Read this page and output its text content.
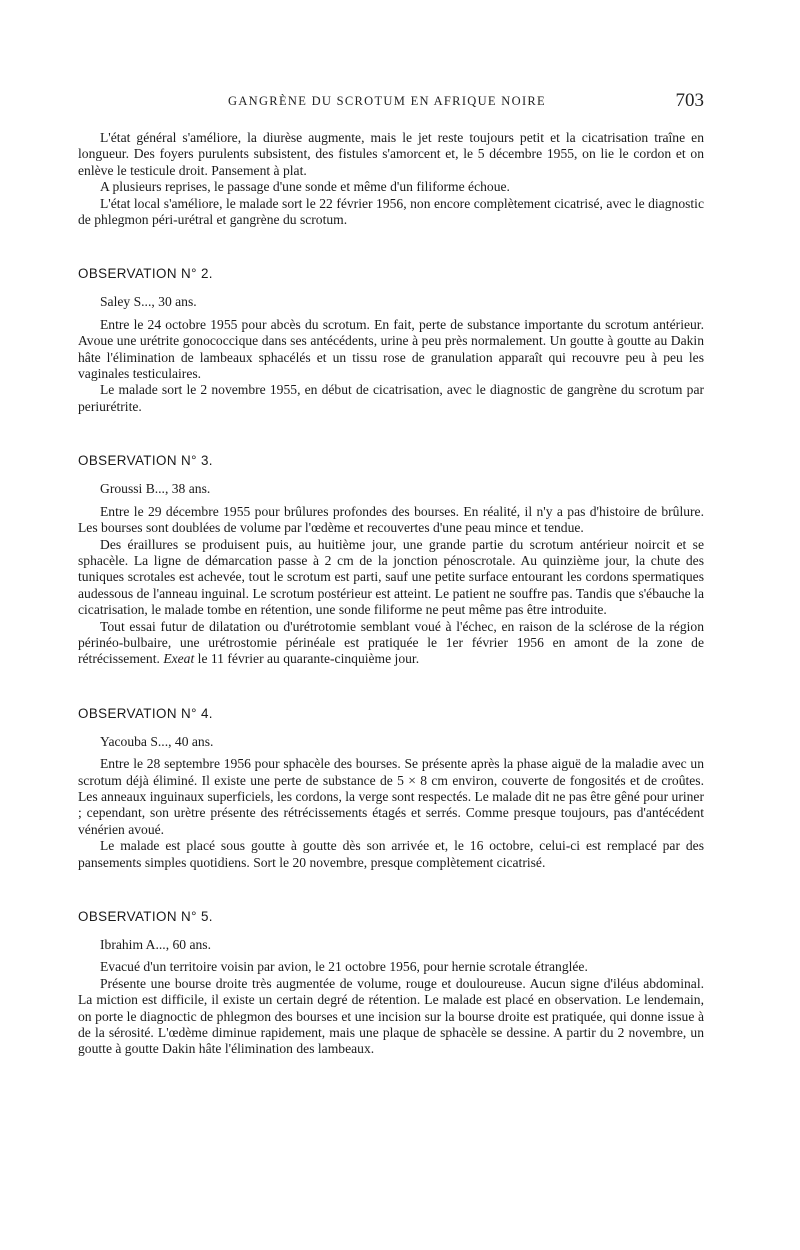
GANGRÈNE DU SCROTUM EN AFRIQUE NOIRE	703

L'état général s'améliore, la diurèse augmente, mais le jet reste toujours petit et la cicatrisation traîne en longueur. Des foyers purulents subsistent, des fistules s'amorcent et, le 5 décembre 1955, on lie le cordon et on enlève le testicule droit. Pansement à plat.

A plusieurs reprises, le passage d'une sonde et même d'un filiforme échoue.

L'état local s'améliore, le malade sort le 22 février 1956, non encore complètement cicatrisé, avec le diagnostic de phlegmon péri-urétral et gangrène du scrotum.

OBSERVATION N° 2.

Saley S..., 30 ans.

Entre le 24 octobre 1955 pour abcès du scrotum. En fait, perte de substance importante du scrotum antérieur. Avoue une urétrite gonococcique dans ses antécédents, urine à peu près normalement. Un goutte à goutte au Dakin hâte l'élimination de lambeaux sphacélés et un tissu rose de granulation apparaît qui recouvre peu à peu les vaginales testiculaires.

Le malade sort le 2 novembre 1955, en début de cicatrisation, avec le diagnostic de gangrène du scrotum par periurétrite.

OBSERVATION N° 3.

Groussi B..., 38 ans.

Entre le 29 décembre 1955 pour brûlures profondes des bourses. En réalité, il n'y a pas d'histoire de brûlure. Les bourses sont doublées de volume par l'œdème et recouvertes d'une peau mince et tendue.

Des éraillures se produisent puis, au huitième jour, une grande partie du scrotum antérieur noircit et se sphacèle. La ligne de démarcation passe à 2 cm de la jonction pénoscrotale. Au quinzième jour, la chute des tuniques scrotales est achevée, tout le scrotum est parti, sauf une petite surface entourant les cordons spermatiques audessous de l'anneau inguinal. Le scrotum postérieur est atteint. Le patient ne souffre pas. Tandis que s'ébauche la cicatrisation, le malade tombe en rétention, une sonde filiforme ne peut même pas être introduite.

Tout essai futur de dilatation ou d'urétrotomie semblant voué à l'échec, en raison de la sclérose de la région périnéo-bulbaire, une urétrostomie périnéale est pratiquée le 1er février 1956 en amont de la zone de rétrécissement. Exeat le 11 février au quarante-cinquième jour.

OBSERVATION N° 4.

Yacouba S..., 40 ans.

Entre le 28 septembre 1956 pour sphacèle des bourses. Se présente après la phase aiguë de la maladie avec un scrotum déjà éliminé. Il existe une perte de substance de 5 × 8 cm environ, couverte de fongosités et de croûtes. Les anneaux inguinaux superficiels, les cordons, la verge sont respectés. Le malade dit ne pas être gêné pour uriner ; cependant, son urètre présente des rétrécissements étagés et serrés. Comme presque toujours, pas d'antécédent vénérien avoué.

Le malade est placé sous goutte à goutte dès son arrivée et, le 16 octobre, celui-ci est remplacé par des pansements simples quotidiens. Sort le 20 novembre, presque complètement cicatrisé.

OBSERVATION N° 5.

Ibrahim A..., 60 ans.

Evacué d'un territoire voisin par avion, le 21 octobre 1956, pour hernie scrotale étranglée.

Présente une bourse droite très augmentée de volume, rouge et douloureuse. Aucun signe d'iléus abdominal. La miction est difficile, il existe un certain degré de rétention. Le malade est placé en observation. Le lendemain, on porte le diagnoctic de phlegmon des bourses et une incision sur la bourse droite est pratiquée, qui donne issue à de la sérosité. L'œdème diminue rapidement, mais une plaque de sphacèle se dessine. A partir du 2 novembre, un goutte à goutte Dakin hâte l'élimination des lambeaux.
